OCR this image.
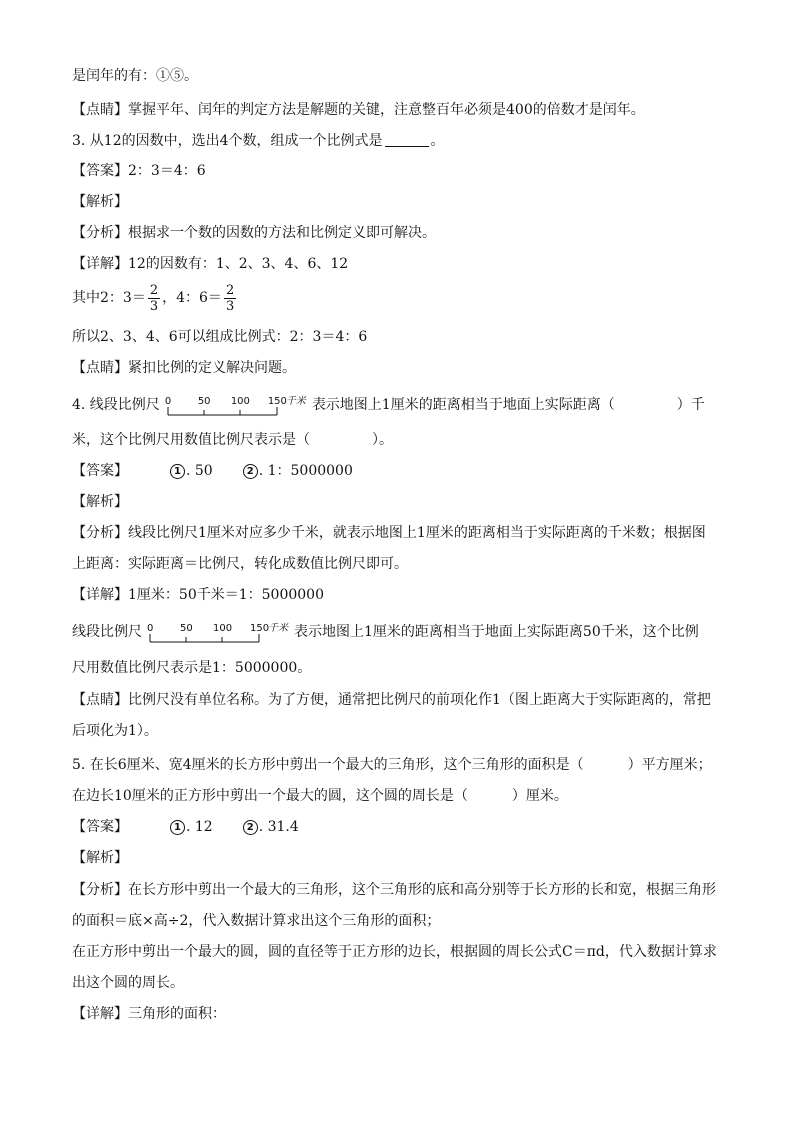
是闰年的有：①⑤。
【点睛】掌握平年、闰年的判定方法是解题的关键，注意整百年必须是400的倍数才是闰年。
3. 从12的因数中，选出4个数，组成一个比例式是	。
【答案】2：3＝4：6
【解析】
【分析】根据求一个数的因数的方法和比例定义即可解决。
【详解】12的因数有：1、2、3、4、6、12
其中2：$3= \frac{2}{3}$ ，4：$6= \frac{2}{3}$
所以2、3、4、6可以组成比例式：2：3＝4：6
【点睛】紧扣比例的定义解决问题。
4. 线段比例尺 0	50 100 150
千米 表示地图上1厘米的距离相当于地面上实际距离（	）千
米，这个比例尺用数值比例尺表示是（	）。
【答案】	1 . 50	2 . 1：5000000
【解析】
【分析】线段比例尺1厘米对应多少千米，就表示地图上1厘米的距离相当于实际距离的千米数；根据图
上距离：实际距离＝比例尺，转化成数值比例尺即可。
【详解】1厘米：50千米＝1：5000000
线段比例尺 0	50 100 150
千米 表示地图上1厘米的距离相当于地面上实际距离50千米，这个比例
尺用数值比例尺表示是1：5000000。
【点睛】比例尺没有单位名称。为了方便，通常把比例尺的前项化作1（图上距离大于实际距离的，常把
后项化为1）。
5. 在长6厘米、宽4厘米的长方形中剪出一个最大的三角形，这个三角形的面积是（	）平方厘米；
在边长10厘米的正方形中剪出一个最大的圆，这个圆的周长是（	）厘米。
【答案】	1 . 12	2 . 31.4
【解析】
【分析】在长方形中剪出一个最大的三角形，这个三角形的底和高分别等于长方形的长和宽，根据三角形
的面积＝底×高÷2，代入数据计算求出这个三角形的面积；
在正方形中剪出一个最大的圆，圆的直径等于正方形的边长，根据圆的周长公式C＝πd，代入数据计算求
出这个圆的周长。
【详解】三角形的面积：
